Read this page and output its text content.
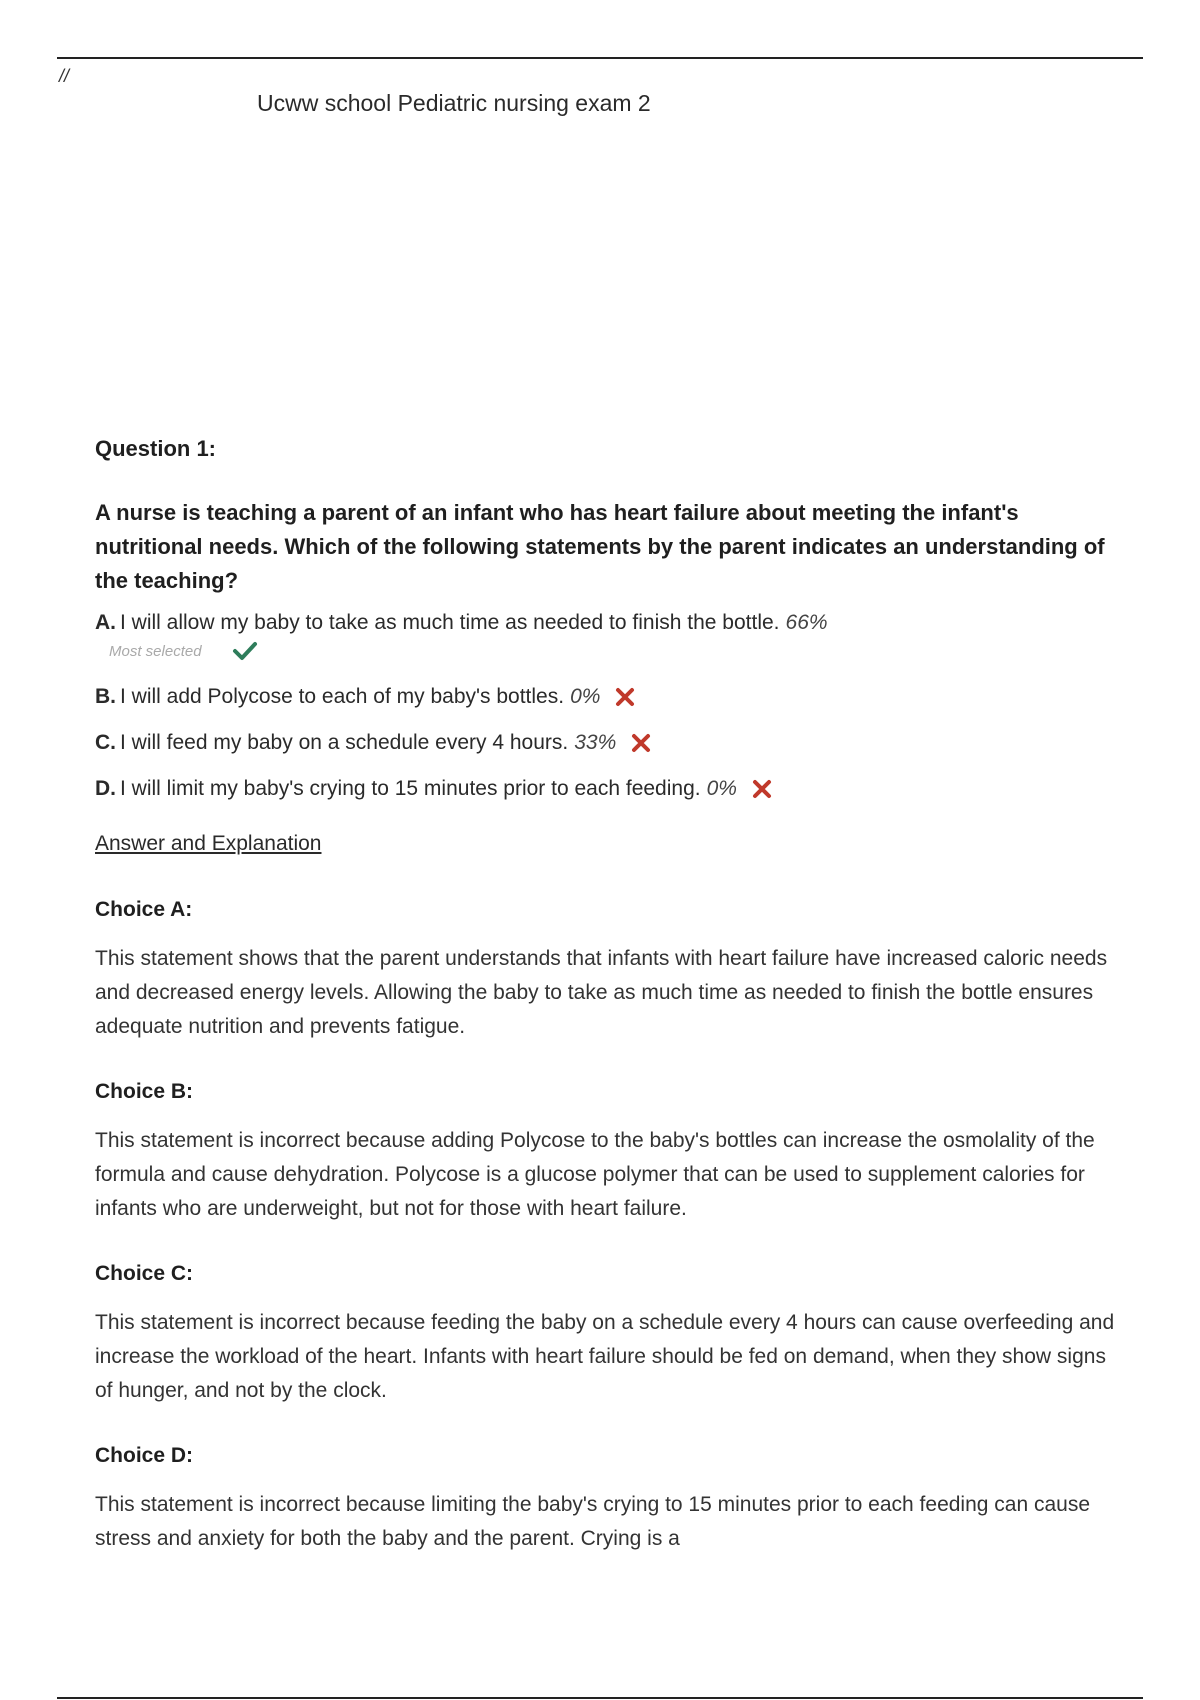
//
Ucww school Pediatric nursing exam 2

Question 1:

A nurse is teaching a parent of an infant who has heart failure about meeting the infant's nutritional needs. Which of the following statements by the parent indicates an understanding of the teaching?

A. I will allow my baby to take as much time as needed to finish the bottle. 66%

Most selected

B. I will add Polycose to each of my baby's bottles. 0%

C. I will feed my baby on a schedule every 4 hours. 33%

D. I will limit my baby's crying to 15 minutes prior to each feeding. 0%

Answer and Explanation

Choice A:

This statement shows that the parent understands that infants with heart failure have increased caloric needs and decreased energy levels. Allowing the baby to take as much time as needed to finish the bottle ensures adequate nutrition and prevents fatigue.

Choice B:

This statement is incorrect because adding Polycose to the baby's bottles can increase the osmolality of the formula and cause dehydration. Polycose is a glucose polymer that can be used to supplement calories for infants who are underweight, but not for those with heart failure.

Choice C:

This statement is incorrect because feeding the baby on a schedule every 4 hours can cause overfeeding and increase the workload of the heart. Infants with heart failure should be fed on demand, when they show signs of hunger, and not by the clock.

Choice D:

This statement is incorrect because limiting the baby's crying to 15 minutes prior to each feeding can cause stress and anxiety for both the baby and the parent. Crying is a
